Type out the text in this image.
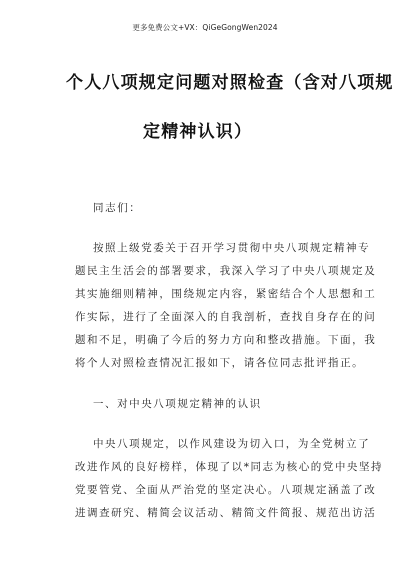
更多免费公文+VX：QiGeGongWen2024
个人八项规定问题对照检查（含对八项规
定精神认识）
同志们：
按照上级党委关于召开学习贯彻中央八项规定精神专
题民主生活会的部署要求，我深入学习了中央八项规定及
其实施细则精神，围绕规定内容，紧密结合个人思想和工
作实际，进行了全面深入的自我剖析，查找自身存在的问
题和不足，明确了今后的努力方向和整改措施。下面，我
将个人对照检查情况汇报如下，请各位同志批评指正。
一、对中央八项规定精神的认识
中央八项规定，以作风建设为切入口，为全党树立了
改进作风的良好榜样，体现了以*同志为核心的党中央坚持
党要管党、全面从严治党的坚定决心。八项规定涵盖了改
进调查研究、精简会议活动、精简文件简报、规范出访活
